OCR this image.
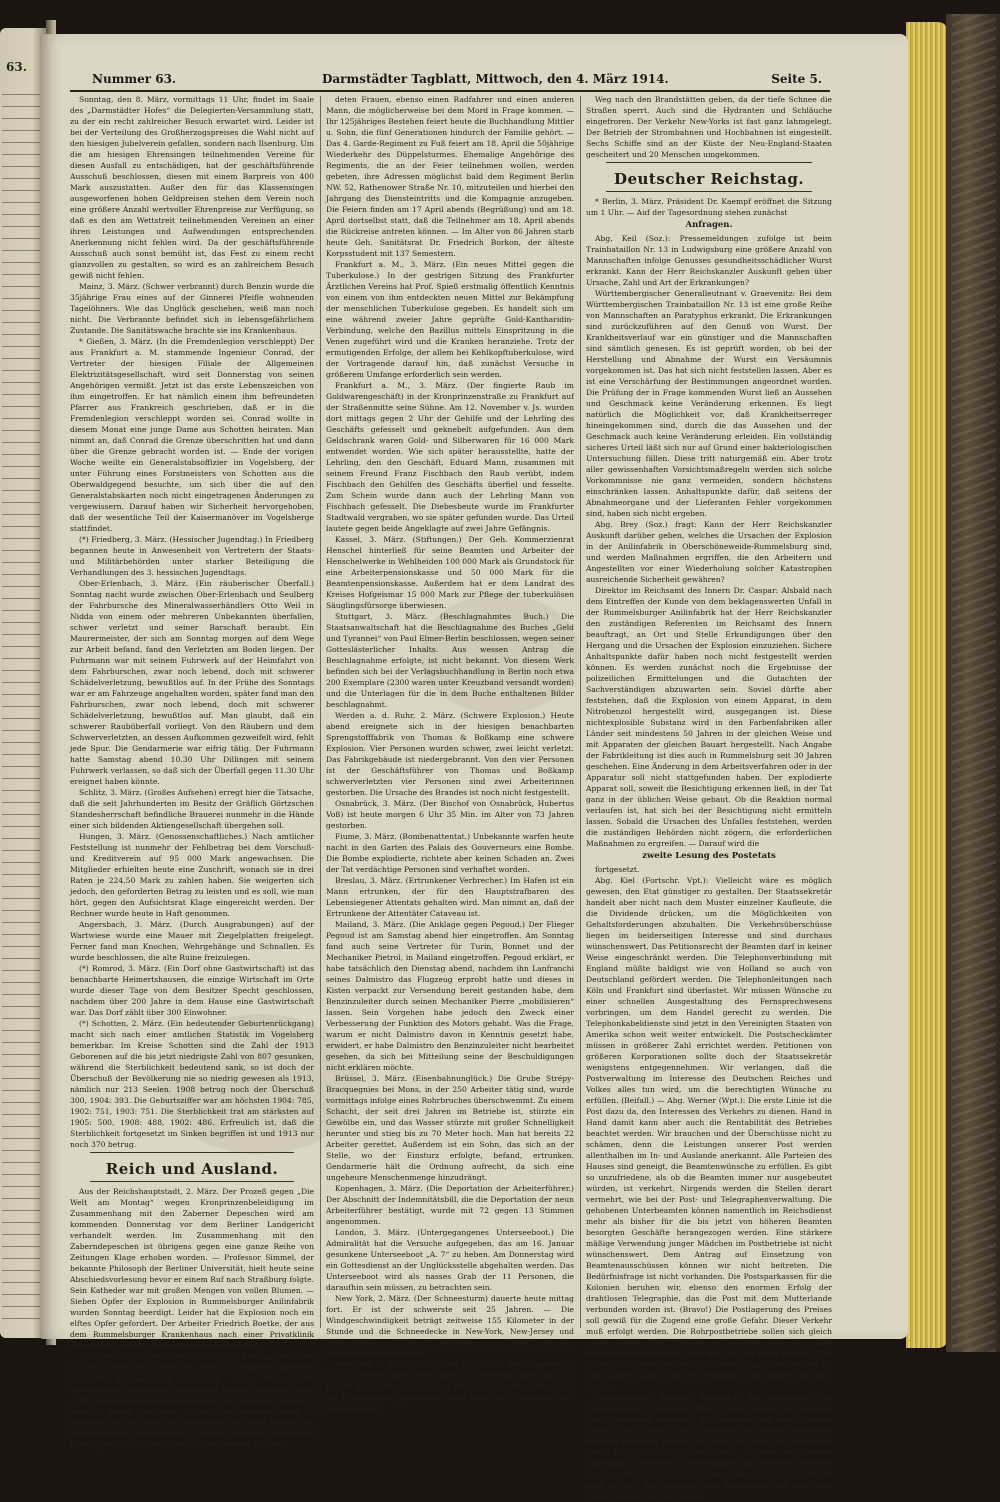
63.
Nummer 63.	Darmstädter Tagblatt, Mittwoch, den 4. März 1914.	Seite 5.

Sonntag, den 8. März, vormittags 11 Uhr, findet im Saale des „Darmstädter Hofes“ die Delegierten-Versammlung statt, zu der ein recht zahlreicher Besuch erwartet wird. Leider ist bei der Verteilung des Großherzogspreises die Wahl nicht auf den hiesigen Jubelverein gefallen, sondern nach Ilsenburg. Um die am hiesigen Ehrensingen teilnehmenden Vereine für diesen Ausfall zu entschädigen, hat der geschäftsführende Ausschuß beschlossen, diesen mit einem Barpreis von 400 Mark auszustatten. Außer den für das Klassensingen ausgeworfenen hohen Geldpreisen stehen dem Verein noch eine größere Anzahl wertvoller Ehrenpreise zur Verfügung, so daß es den am Wettstreit teilnehmenden Vereinen an einer ihren Leistungen und Aufwendungen entsprechenden Anerkennung nicht fehlen wird. Da der geschäftsführende Ausschuß auch sonst bemüht ist, das Fest zu einem recht glanzvollen zu gestalten, so wird es an zahlreichem Besuch gewiß nicht fehlen.

Mainz, 3. März. (Schwer verbrannt) durch Benzin wurde die 35jährige Frau eines auf der Ginnerei Pfeifle wohnenden Tagelöhners. Wie das Unglück geschehen, weiß man noch nicht. Die Verbrannte befindet sich in lebensgefährlichem Zustande. Die Sanitätswache brachte sie ins Krankenhaus.

* Gießen, 3. März. (In die Fremdenlegion verschleppt) Der aus Frankfurt a. M. stammende Ingenieur Conrad, der Vertreter der hiesigen Filiale der Allgemeinen Elektrizitätsgesellschaft, wird seit Donnerstag von seinen Angehörigen vermißt. Jetzt ist das erste Lebenszeichen von ihm eingetroffen. Er hat nämlich einem ihm befreundeten Pfarrer aus Frankreich geschrieben, daß er in die Fremdenlegion verschleppt worden sei. Conrad wollte in diesem Monat eine junge Dame aus Schotten heiraten. Man nimmt an, daß Conrad die Grenze überschritten hat und dann über die Grenze gebracht worden ist. — Ende der vorigen Woche weilte ein Generalstabsoffizier im Vogelsberg, der unter Führung eines Forstmeisters von Schotten aus die Oberwaldgegend besuchte, um sich über die auf den Generalstabskarten noch nicht eingetragenen Änderungen zu vergewissern. Darauf haben wir Sicherheit hervorgehoben, daß der wesentliche Teil der Kaisermanöver im Vogelsberge stattfindet.

(*) Friedberg, 3. März. (Hessischer Jugendtag.) In Friedberg begannen heute in Anwesenheit von Vertretern der Staats- und Militärbehörden unter starker Beteiligung die Verhandlungen des 3. hessischen Jugendtags.

Ober-Erlenbach, 3. März. (Ein räuberischer Überfall.) Sonntag nacht wurde zwischen Ober-Erlenbach und Seulberg der Fahrbursche des Mineralwasserhändlers Otto Weil in Nidda von einem oder mehreren Unbekannten überfallen, schwer verletzt und seiner Barschaft beraubt. Ein Maurermeister, der sich am Sonntag morgen auf dem Wege zur Arbeit befand, fand den Verletzten am Boden liegen. Der Fuhrmann war mit seinem Fuhrwerk auf der Heimfahrt von dem Fahrburschen, zwar noch lebend, doch mit schwerer Schädelverletzung, bewußtlos auf. In der Frühe des Sonntags war er am Fahrzeuge angehalten worden, später fand man den Fahrburschen, zwar noch lebend, doch mit schwerer Schädelverletzung, bewußtlos auf. Man glaubt, daß ein schwerer Raubüberfall vorliegt. Von den Räubern und dem Schwerverletzten, an dessen Aufkommen gezweifelt wird, fehlt jede Spur. Die Gendarmerie war eifrig tätig. Der Fuhrmann hatte Samstag abend 10.30 Uhr Dillingen mit seinem Fuhrwerk verlassen, so daß sich der Überfall gegen 11.30 Uhr ereignet haben könnte.

Schlitz, 3. März. (Großes Aufsehen) erregt hier die Tatsache, daß die seit Jahrhunderten im Besitz der Gräflich Görtzschen Standesherrschaft befindliche Brauerei nunmehr in die Hände einer sich bildenden Aktiengesellschaft übergehen soll.

Hungen, 3. März. (Genossenschaftliches.) Nach amtlicher Feststellung ist nunmehr der Fehlbetrag bei dem Vorschuß- und Kreditverein auf 95 000 Mark angewachsen. Die Mitglieder erhielten heute eine Zuschrift, wonach sie in drei Raten je 224,50 Mark zu zahlen haben. Sie weigerten sich jedoch, den geforderten Betrag zu leisten und es soll, wie man hört, gegen den Aufsichtsrat Klage eingereicht werden. Der Rechner wurde heute in Haft genommen.

Angersbach, 3. März. (Durch Ausgrabungen) auf der Wartwiese wurde eine Mauer mit Ziegelplatten freigelegt. Ferner fand man Knochen, Wehrgehänge und Schnallen. Es wurde beschlossen, die alte Ruine freizulegen.

(*) Romrod, 3. März. (Ein Dorf ohne Gastwirtschaft) ist das benachbarte Heimertshausen, die einzige Wirtschaft im Orte wurde dieser Tage von dem Besitzer Specht geschlossen, nachdem über 200 Jahre in dem Hause eine Gastwirtschaft war. Das Dorf zählt über 300 Einwohner.

(*) Schotten, 2. März. (Ein bedeutender Geburtenrückgang) macht sich nach einer amtlichen Statistik im Vogelsberg bemerkbar. Im Kreise Schotten sind die Zahl der 1913 Geborenen auf die bis jetzt niedrigste Zahl von 807 gesunken, während die Sterblichkeit bedeutend sank, so ist doch der Überschuß der Bevölkerung nie so niedrig gewesen als 1913, nämlich nur 213 Seelen. 1908 betrug noch der Überschuß 300, 1904: 393. Die Geburtsziffer war am höchsten 1904: 785, 1902: 751, 1903: 751. Die Sterblichkeit trat am stärksten auf 1905: 500, 1908: 488, 1902: 486. Erfreulich ist, daß die Sterblichkeit fortgesetzt im Sinken begriffen ist und 1913 nur noch 370 betrug.

Reich und Ausland.

Aus der Reichshauptstadt, 2. März. Der Prozeß gegen „Die Welt am Montag“ wegen Kronprinzenbeleidigung im Zusammenhang mit den Zaberner Depeschen wird am kommenden Donnerstag vor dem Berliner Landgericht verhandelt werden. Im Zusammenhang mit den Zaberndepeschen ist übrigens gegen eine ganze Reihe von Zeitungen Klage erhoben worden. — Professor Simmel, der bekannte Philosoph der Berliner Universität, hielt heute seine Abschiedsvorlesung bevor er einem Ruf nach Straßburg folgte. Sein Katheder war mit großen Mengen von vollen Blumen. — Sieben Opfer der Explosion in Rummelsburger Anilinfabrik wurden Sonntag beerdigt. Leider hat die Explosion noch ein elftes Opfer gefordert. Der Arbeiter Friedrich Boetke, der aus dem Rummelsburger Krankenhaus nach einer Privatklinik übergeführt war, ist seinen Verletzungen erlegen.

— 3. März. (Kirchen-Einbrüche) wurden hier nacheinander in der katholischen Kirche St. Josef in Weißensee mehrere wertvolle Kirchengeräte gestohlen. Beim Öffnen des Opferkastens scheinen die Einbrecher gestört worden zu sein. — Die Suche nach einem Raubmörder am Teufelssee führt sich ziemlich genau verfolgen. Er war am Samstag abend in Westend und soll dann ein Schülerboot bei einem Bäcker vor. Wilmersdorfer Gymnasiasten, welche Samstag nachmittag Kriegsspiele aufführten, trafen die ermordeten Frauen.

deten Frauen, ebenso einen Radfahrer und einen anderen Mann, die möglicherweise bei dem Mord in Frage kommen. — Ihr 125jähriges Bestehen feiert heute die Buchhandlung Mittler u. Sohn, die fünf Generationen hindurch der Familie gehört. — Das 4. Garde-Regiment zu Fuß feiert am 18. April die 50jährige Wiederkehr des Düppelsturmes. Ehemalige Angehörige des Regiments, die an der Feier teilnehmen wollen, werden gebeten, ihre Adressen möglichst bald dem Regiment Berlin NW. 52, Rathenower Straße Nr. 10, mitzuteilen und hierbei den Jahrgang des Diensteintritts und die Kompagnie anzugeben. Die Feiern finden am 17 April abends (Begrüßung) und am 18. April dortselbst statt, daß die Teilnehmer am 18. April abends die Rückreise antreten können. — Im Alter von 86 Jahren starb heute Geh. Sanitätsrat Dr. Friedrich Borkon, der älteste Korpsstudent mit 137 Semestern.

Frankfurt a. M., 3. März. (Ein neues Mittel gegen die Tuberkulose.) In der gestrigen Sitzung des Frankfurter Ärztlichen Vereins hat Prof. Spieß erstmalig öffentlich Kenntnis von einem von ihm entdeckten neuen Mittel zur Bekämpfung der menschlichen Tuberkulose gegeben. Es handelt sich um eine während zweier Jahre geprüfte Gold-Kantharidin-Verbindung, welche den Bazillus mittels Einspritzung in die Venen zugeführt wird und die Kranken heranziehe. Trotz der ermutigenden Erfolge, der allem bei Kehlkopftuberkulose, wird der Vortragende darauf hin, daß zunächst Versuche in größerem Umfange erforderlich sein werden.

Frankfurt a. M., 3. März. (Der fingierte Raub im Goldwarengeschäft) in der Kronprinzenstraße zu Frankfurt auf der Straßenmitte seine Sühne. Am 12. November v. Js. wurden dort mittags gegen 2 Uhr der Gehilfe und der Lehrling des Geschäfts gefesselt und geknebelt aufgefunden. Aus dem Geldschrank waren Gold- und Silberwaren für 16 000 Mark entwendet worden. Wie sich später herausstellte, hatte der Lehrling, den den Geschäft, Eduard Mann, zusammen mit seinem Freund Franz Fischbach den Raub verübt, indem Fischbach den Gehilfen des Geschäfts überfiel und fesselte. Zum Schein wurde dann auch der Lehrling Mann von Fischbach gefesselt. Die Diebesbeute wurde im Frankfurter Stadtwald vergraben, wo sie später gefunden wurde. Das Urteil lautete gegen beide Angeklagte auf zwei Jahre Gefängnis.

Kassel, 3. März. (Stiftungen.) Der Geh. Kommerzienrat Henschel hinterließ für seine Beamten und Arbeiter der Henschelwerke in Wehlheiden 100 000 Mark als Grundstock für eine Arbeiterpensionskasse und 50 000 Mark für die Beamtenpensionskasse. Außerdem hat er dem Landrat des Kreises Hofgeismar 15 000 Mark zur Pflege der tuberkulösen Säuglingsfürsorge überwiesen.

Stuttgart, 3. März. (Beschlagnahmtes Buch.) Die Staatsanwaltschaft hat die Beschlagnahme des Buches „Geld und Tyrannei“ von Paul Elmer-Berlin beschlossen, wegen seiner Gotteslästerlicher Inhalts. Aus wessen Antrag die Beschlagnahme erfolgte, ist nicht bekannt. Von diesem Werk befinden sich bei der Verlagsbuchhandlung in Berlin noch etwa 200 Exemplare (2300 waren unter Kreuzband versandt worden) und die Unterlagen für die in dem Buche enthaltenen Bilder beschlagnahmt.

Werden a. d. Ruhr, 2. März. (Schwere Explosion.) Heute abend ereignete sich in der hiesigen benachbarten Sprengstofffabrik von Thomas & Boßkamp eine schwere Explosion. Vier Personen wurden schwer, zwei leicht verletzt. Das Fabrikgebäude ist niedergebrannt. Von den vier Personen ist der Geschäftsführer von Thomas und Boßkamp schwerverletzten vier Personen sind zwei Arbeiterinnen gestorben. Die Ursache des Brandes ist noch nicht festgestellt.

Osnabrück, 3. März. (Der Bischof von Osnabrück, Hubertus Voß) ist heute morgen 6 Uhr 35 Min. im Alter von 73 Jahren gestorben.

Fiume, 3. März. (Bombenattentat.) Unbekannte warfen heute nacht in den Garten des Palais des Gouverneurs eine Bombe. Die Bombe explodierte, richtete aber keinen Schaden an. Zwei der Tat verdächtige Personen sind verhaftet worden.

Breslau, 3. März. (Ertrunkener Verbrecher.) Im Hafen ist ein Mann ertrunken, der für den Hauptstrafbaren des Lebensiegener Attentats gehalten wird. Man nimmt an, daß der Ertrunkene der Attentäter Cataveau ist.

Mailand, 3. März. (Die Anklage gegen Pegoud.) Der Flieger Pegoud ist am Samstag abend hier eingetroffen. Am Sonntag fand auch seine Vertreter für Turin, Bonnet und der Mechaniker Pietrol, in Mailand eingetroffen. Pegoud erklärt, er habe tatsächlich den Dienstag abend, nachdem ihn Lanfranchi seines Dalmistro das Flugzeug erprobt hatte und dieses in Kisten verpackt zur Versendung bereit gestanden habe, dem Benzinzuleiter durch seinen Mechaniker Pierre „mobilisieren“ lassen. Sein Vorgehen habe jedoch den Zweck einer Verbesserung der Funktion des Motors gehabt. Was die Frage, warum er nicht Dalmistro davon in Kenntnis gesetzt habe, erwidert, er habe Dalmistro den Benzinzuleiter nicht bearbeitet gesehen, da sich bei Mitteilung seine der Beschuldigungen nicht erklären möchte.

Brüssel, 3. März. (Eisenbahnunglück.) Die Grube Strépy-Bracquegnies bei Mons, in der 250 Arbeiter tätig sind, wurde vormittags infolge eines Rohrbruches überschwemmt. Zu einem Schacht, der seit drei Jahren im Betriebe ist, stürzte ein Gewölbe ein, und das Wasser stürzte mit großer Schnelligkeit herunter und stieg bis zu 70 Meter hoch. Man hat bereits 22 Arbeiter gerettet. Außerdem ist ein Sohn, das sich an der Stelle, wo der Einsturz erfolgte, befand, ertrunken. Gendarmerie hält die Ordnung aufrecht, da sich eine ungeheure Menschenmenge hinzudrängt.

Kopenhagen, 3. März. (Die Deportation der Arbeiterführer.) Der Abschnitt der Indemnitätsbill, die die Deportation der neun Arbeiterführer bestätigt, wurde mit 72 gegen 13 Stimmen angenommen.

London, 3. März. (Untergegangenes Unterseeboot.) Die Admiralität hat die Versuche aufgegeben, das am 16. Januar gesunkene Unterseeboot „A. 7“ zu heben. Am Donnerstag wird ein Gottesdienst an der Unglücksstelle abgehalten werden. Das Unterseeboot wird als nasses Grab der 11 Personen, die daraufhin sein müssen, zu betrachten sein.

New York, 2. März. (Der Schneesturm) dauerte heute mittag fort. Er ist der schwerste seit 25 Jahren. — Die Windgeschwindigkeit beträgt zeitweise 155 Kilometer in der Stunde und die Schneedecke in New-York, New-Jersey und Pennsylvania ist 20 bis 28 Zentimeter hoch. Bisher sind acht Menschen umgekommen.

New York, 3. März. (Infolge der Kälte) sind der Schneesturm hat sich heute mittag eine Reihe von Personen gestorben. Im Elende der Stadt sind während der letzten 24 Stunden einmal 26 Feuerbrände gebrochen, doch kann die Feuerwehr nur langsam ihren

Weg nach den Brandstätten geben, da der tiefe Schnee die Straßen sperrt. Auch sind die Hydranten und Schläuche eingefroren. Der Verkehr New-Yorks ist fast ganz lahmgelegt. Der Betrieb der Strombahnen und Hochbahnen ist eingestellt. Sechs Schiffe sind an der Küste der Neu-England-Staaten gescheitert und 20 Menschen umgekommen.

Deutscher Reichstag.

* Berlin, 3. März. Präsident Dr. Kaempf eröffnet die Sitzung um 1 Uhr. — Auf der Tagesordnung stehen zunächst

Anfragen.

Abg. Keil (Soz.): Pressemeldungen zufolge ist beim Trainbataillon Nr. 13 in Ludwigsburg eine größere Anzahl von Mannschaften infolge Genusses gesundheitsschädlicher Wurst erkrankt. Kann der Herr Reichskanzler Auskunft geben über Ursache, Zahl und Art der Erkrankungen?

Württembergischer Generalleutnant v. Graevenitz: Bei dem Württembergischen Trainbataillon Nr. 13 ist eine große Reihe von Mannschaften an Paratyphus erkrankt. Die Erkrankungen sind zurückzuführen auf den Genuß von Wurst. Der Krankheitsverlauf war ein günstiger und die Mannschaften sind sämtlich genesen. Es ist geprüft worden, ob bei der Herstellung und Abnahme der Wurst ein Versäumnis vorgekommen ist. Das hat sich nicht feststellen lassen. Aber es ist eine Verschärfung der Bestimmungen angeordnet worden. Die Prüfung der in Frage kommenden Wurst ließ an Aussehen und Geschmack keine Veränderung erkennen. Es liegt natürlich die Möglichkeit vor, daß Krankheitserreger hineingekommen sind, durch die das Aussehen und der Geschmack auch keine Veränderung erleiden. Ein vollständig sicheres Urteil läßt sich nur auf Grund einer bakteriologischen Untersuchung fällen. Diese tritt naturgemäß ein. Aber trotz aller gewissenhaften Vorsichtsmaßregeln werden sich solche Vorkommnisse nie ganz vermeiden, sondern höchstens einschränken lassen. Anhaltspunkte dafür, daß seitens der Abnahmeorgane und der Lieferanten Fehler vorgekommen sind, haben sich nicht ergeben.

Abg. Brey (Soz.) fragt: Kann der Herr Reichskanzler Auskunft darüber geben, welches die Ursachen der Explosion in der Anilinfabrik in Oberschöneweide-Rummelsburg sind, und werden Maßnahmen ergriffen, die den Arbeitern und Angestellten vor einer Wiederholung solcher Katastrophen ausreichende Sicherheit gewähren?

Direktor im Reichsamt des Innern Dr. Caspar: Alsbald nach dem Eintreffen der Kunde von dem beklagenswerten Unfall in der Rummelsburger Anilinfabrik hat der Herr Reichskanzler den zuständigen Referenten im Reichsamt des Innern beauftragt, an Ort und Stelle Erkundigungen über den Hergang und die Ursachen der Explosion einzuziehen. Sichere Anhaltspunkte dafür haben noch nicht festgestellt werden können. Es werden zunächst noch die Ergebnisse der polizeilichen Ermittelungen und die Gutachten der Sachverständigen abzuwarten sein. Soviel dürfte aber feststehen, daß die Explosion von einem Apparat, in dem Nitrobenzol hergestellt wird, ausgegangen ist. Diese nichtexplosible Substanz wird in den Farbenfabriken aller Länder seit mindestens 50 Jahren in der gleichen Weise und mit Apparaten der gleichen Bauart hergestellt. Nach Angabe der Fabrikleitung ist dies auch in Rummelsburg seit 30 Jahren geschehen. Eine Änderung in dem Arbeitsverfahren oder in der Apparatur soll nicht stattgefunden haben. Der explodierte Apparat soll, soweit die Besichtigung erkennen ließ, in der Tat ganz in der üblichen Weise gebaut. Ob die Reaktion normal verlaufen ist, hat sich bei der Besichtigung nicht ermitteln lassen. Sobald die Ursachen des Unfalles feststehen, werden die zuständigen Behörden nicht zögern, die erforderlichen Maßnahmen zu ergreifen. — Darauf wird die

zweite Lesung des Postetats

fortgesetzt.

Abg. Kiel (Fortschr. Vpt.): Vielleicht wäre es möglich gewesen, den Etat günstiger zu gestalten. Der Staatssekretär handelt aber nicht nach dem Muster einzelner Kaufleute, die die Dividende drücken, um die Möglichkeiten von Gehaltsforderungen abzuhalten. Die Verkehrsüberschüsse liegen im beiderseitigen Interesse und sind durchaus wünschenswert. Das Petitionsrecht der Beamten darf in keiner Weise eingeschränkt werden. Die Telephonverbindung mit England müßte baldigst wie von Holland so auch von Deutschland gefördert werden. Die Telephonleitungen nach Köln und Frankfurt sind überlastet. Wir müssen Wünsche zu einer schnellen Ausgestaltung des Fernsprechwesens vorbringen, um dem Handel gerecht zu werden. Die Telephonkabeldienste sind jetzt in den Vereinigten Staaten von Amerika schon weit weiter entwickelt. Die Postscheckämter müssen in größerer Zahl errichtet werden. Petitionen von größeren Korporationen sollte doch der Staatssekretär wenigstens entgegennehmen. Wir verlangen, daß die Postverwaltung im Interesse des Deutschen Reiches und Volkes alles tun wird, um die berechtigten Wünsche zu erfüllen. (Beifall.) — Abg. Werner (Wpt.): Die erste Linie ist die Post dazu da, den Interessen des Verkehrs zu dienen. Hand in Hand damit kann aber auch die Rentabilität des Betriebes beachtet werden. Wir brauchen und der Überschüsse nicht zu schämen, denn die Leistungen unserer Post werden allenthalben im In- und Auslande anerkannt. Alle Parteien des Hauses sind geneigt, die Beamtenwünsche zu erfüllen. Es gibt so unzufriedene, als ob die Beamten immer nur ausgebeutet würden, ist verkehrt. Nirgends werden die Stellen derart vermehrt, wie bei der Post- und Telegraphenverwaltung. Die gehobenen Unterbeamten können namentlich im Reichsdienst mehr als bisher für die bis jetzt von höheren Beamten besorgten Geschäfte herangezogen werden. Eine stärkere mäßige Verwendung junger Mädchen im Postbetriebe ist nicht wünschenswert. Dem Antrag auf Einsetzung von Beamtenausschüssen können wir nicht beitreten. Die Bedürfnisfrage ist nicht vorhanden. Die Postsparkassen für die Kolonien beruhen wir, ebenso den enormen Erfolg der drahtlosen Telegraphie, das die Post mit dem Mutterlande verbunden worden ist. (Bravo!) Die Postlagerung des Preises soll gewiß für die Zugend eine große Gefahr. Dieser Verkehr muß erfolgt werden. Die Rohrpostbetriebe sollen sich gleich vielen anderen Einrichtungen auf bewähren. Jedenfalls sollte man zunächst abwarten, bevor man mit der Kritik einsetzt. Das System der kleinen Pakete muß weiter ausgebildet werden. Im Falle Zabern haben sich die Verhältnisse hier anders als sonst gezeigt.

Staatssekretär Kraetke: Bezüglich der Anstellung von Gehilfinnen an Postämtern dritter Klasse müssen wir zunächst die Erfahrungen abwarten. Wir glauben, auf dem richtigen Wege zu sein. Wenn wir auch zugeben, daß gewisse Mißstände dadurch entstehen können, so wollen wir doch von vornherein diese Institution nicht verdammen, sondern die weitere Entwicklung abwarten. Uebelstände im Fernsprechverkehr sind wir stets bemüht zu beseitigen; aber auch im Stadtverkehr zeigt es sich, daß, während zwei Teilnehmer sich über alles Mögliche lang und breit unter-
